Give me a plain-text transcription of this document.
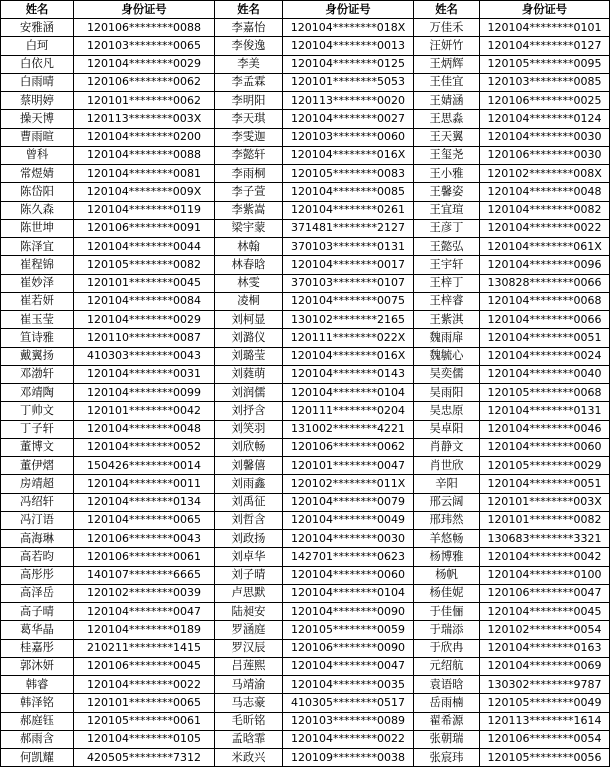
姓名	身份证号	姓名	身份证号	姓名	身份证号
安雅涵	120106********0088	李嘉怡	120104********018X	万佳禾	120104********0101
白珂	120103********0065	李俊逸	120104********0013	汪妍竹	120104********0127
白依凡	120104********0029	李美	120104********0125	王炳辉	120105********0095
白雨晴	120106********0062	李孟霖	120101********5053	王佳宜	120103********0085
蔡明婷	120101********0062	李明阳	120113********0020	王婧涵	120106********0025
操天博	120113********003X	李天琪	120104********0027	王思淼	120104********0124
曹雨暄	120104********0200	李雯迦	120103********0060	王天翼	120104********0030
曾科	120104********0088	李懿轩	120104********016X	王玺尧	120106********0030
常煜婧	120104********0081	李雨桐	120105********0083	王小雅	120102********008X
陈岱阳	120104********009X	李子萱	120104********0085	王馨姿	120104********0048
陈久森	120104********0119	李紫嵩	120104********0261	王宜瑄	120104********0082
陈世坤	120106********0091	梁宇蒙	371481********2127	王彦丁	120104********0022
陈泽宜	120104********0044	林翰	370103********0131	王懿弘	120104********061X
崔程锦	120105********0082	林春晗	120104********0017	王宇轩	120104********0096
崔妙泽	120101********0045	林雯	370103********0107	王梓丁	130828********0066
崔若妍	120104********0084	凌桐	120104********0075	王梓睿	120104********0068
崔玉莹	120104********0029	刘柯显	130102********2165	王紫淇	120104********0066
笪诗雅	120110********0087	刘潞仪	120111********022X	魏雨扉	120104********0051
戴翼扬	410303********0043	刘璐莹	120104********016X	魏毓心	120104********0024
邓渤轩	120104********0031	刘蕤萌	120104********0143	吴奕儒	120104********0040
邓靖陶	120104********0099	刘润儒	120104********0104	吴雨阳	120105********0068
丁帅文	120101********0042	刘抒含	120111********0204	吴忠原	120104********0131
丁子轩	120104********0048	刘笑羽	131002********4221	吴卓阳	120104********0046
董博文	120104********0052	刘欣畅	120106********0062	肖静文	120104********0060
董伊熠	150426********0014	刘馨僖	120101********0047	肖世欣	120105********0029
房靖超	120104********0011	刘雨鑫	120102********011X	辛阳	120104********0051
冯绍轩	120104********0134	刘禹征	120104********0079	邢云阔	120101********003X
冯汀语	120104********0065	刘哲含	120104********0049	邢玮然	120101********0082
高海琳	120106********0043	刘政扬	120104********0030	羊悠畅	130683********3321
高若昀	120106********0061	刘卓华	142701********0623	杨博雅	120104********0042
高彤彤	140107********6665	刘子晴	120104********0060	杨帆	120104********0100
高泽岳	120102********0039	卢思默	120104********0104	杨佳妮	120106********0047
高子晴	120104********0047	陆昶安	120104********0090	于佳俪	120104********0045
葛华晶	120104********0189	罗涵庭	120105********0059	于瑞添	120102********0054
桂嘉彤	210211********1415	罗汉辰	120106********0090	于欣冉	120104********0163
郭沐妍	120106********0045	吕莲熙	120104********0047	元绍航	120104********0069
韩睿	120104********0022	马靖渝	120104********0035	袁语晗	130302********9787
韩泽铭	120101********0065	马志豪	410305********0517	岳雨楠	120105********0049
郝庭钰	120105********0061	毛昕铭	120103********0089	翟希源	120113********1614
郝雨含	120104********0105	孟晗霏	120104********0022	张朝瑞	120106********0054
何凯耀	420505********7312	米政兴	120109********0038	张宸玮	120105********0056
